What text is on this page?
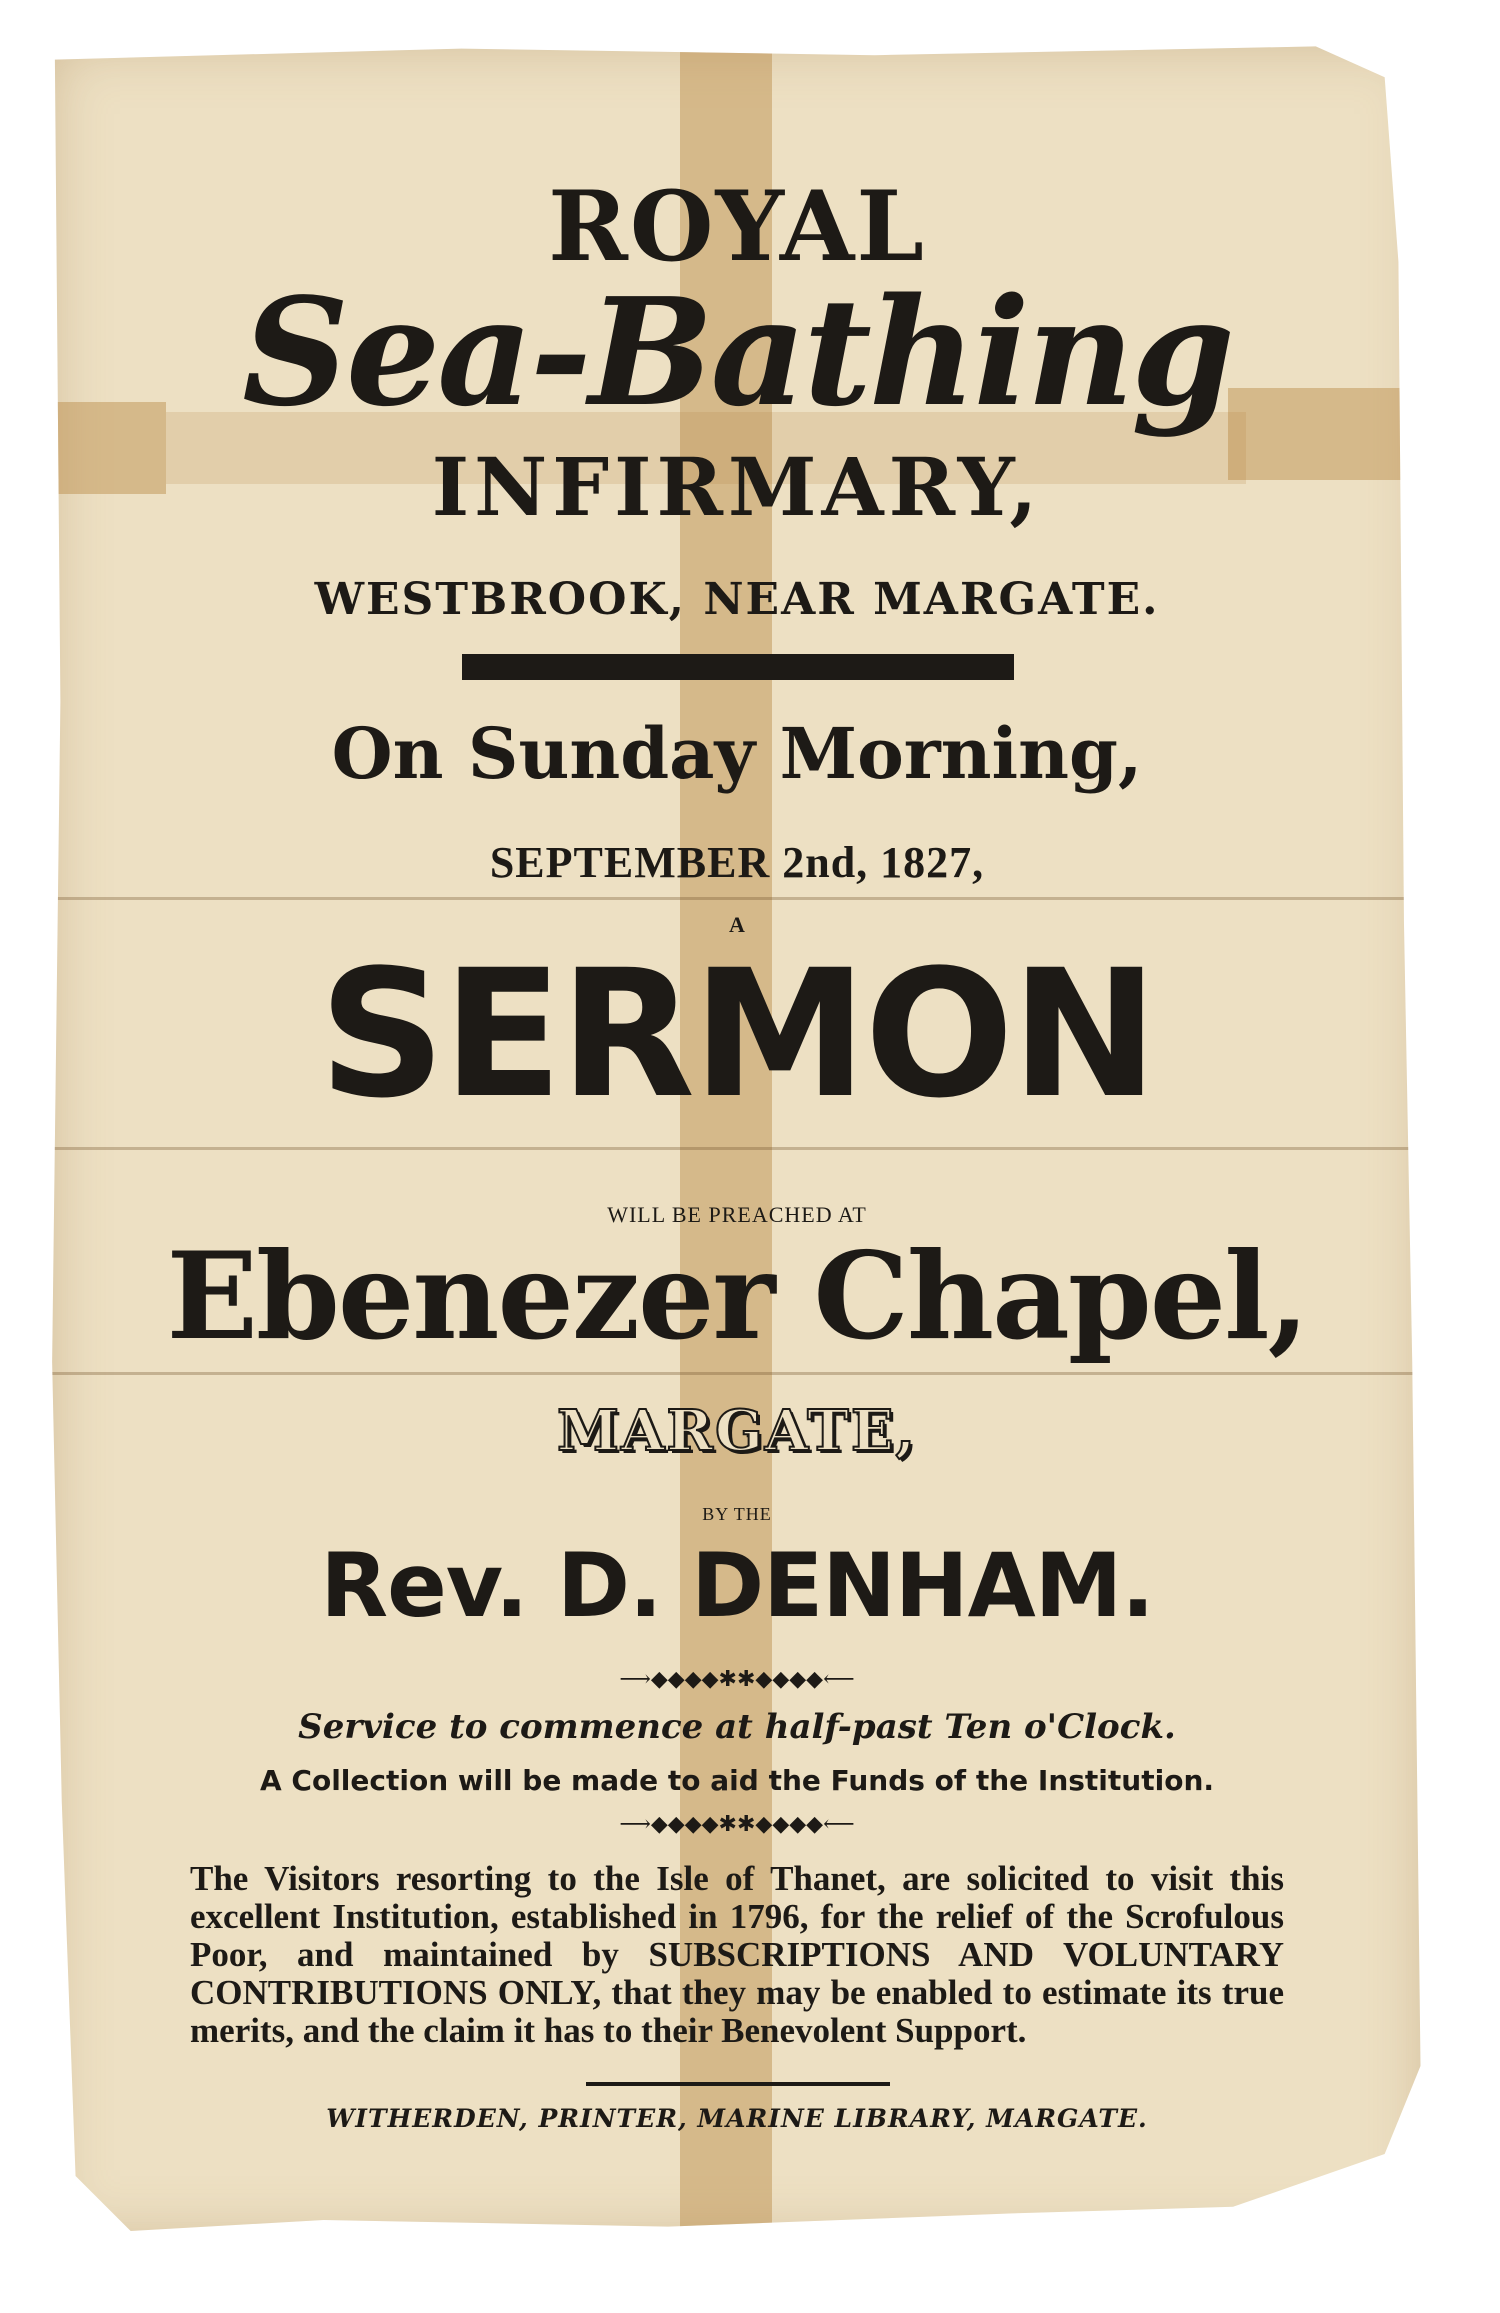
ROYAL

Sea-Bathing

INFIRMARY,

WESTBROOK, NEAR MARGATE.

On Sunday Morning,

SEPTEMBER 2nd, 1827,

A

SERMON

WILL BE PREACHED AT

Ebenezer Chapel,

MARGATE,

BY THE

Rev. D. DENHAM.

⟶◆◆◆◆✱✱◆◆◆◆⟵

Service to commence at half-past Ten o'Clock.

A Collection will be made to aid the Funds of the Institution.

⟶◆◆◆◆✱✱◆◆◆◆⟵

The Visitors resorting to the Isle of Thanet, are solicited to visit this excellent Institution, established in 1796, for the relief of the Scrofulous Poor, and maintained by SUBSCRIPTIONS AND VOLUNTARY CONTRIBUTIONS ONLY, that they may be enabled to estimate its true merits, and the claim it has to their Benevolent Support.

WITHERDEN, PRINTER, MARINE LIBRARY, MARGATE.
